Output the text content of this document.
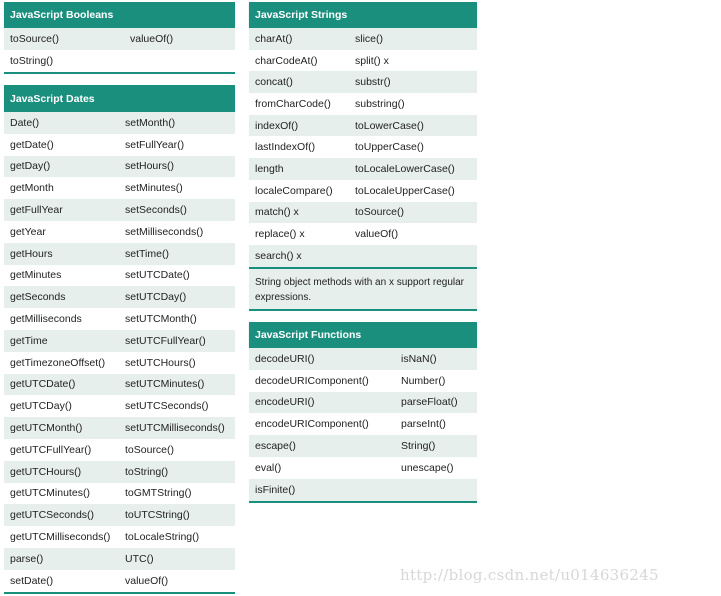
JavaScript Booleans
toSource()	valueOf()
toString()
JavaScript Dates
Date()	setMonth()
getDate()	setFullYear()
getDay()	setHours()
getMonth	setMinutes()
getFullYear	setSeconds()
getYear	setMilliseconds()
getHours	setTime()
getMinutes	setUTCDate()
getSeconds	setUTCDay()
getMilliseconds	setUTCMonth()
getTime	setUTCFullYear()
getTimezoneOffset()	setUTCHours()
getUTCDate()	setUTCMinutes()
getUTCDay()	setUTCSeconds()
getUTCMonth()	setUTCMilliseconds()
getUTCFullYear()	toSource()
getUTCHours()	toString()
getUTCMinutes()	toGMTString()
getUTCSeconds()	toUTCString()
getUTCMilliseconds()	toLocaleString()
parse()	UTC()
setDate()	valueOf()
JavaScript Strings
charAt()	slice()
charCodeAt()	split() x
concat()	substr()
fromCharCode()	substring()
indexOf()	toLowerCase()
lastIndexOf()	toUpperCase()
length	toLocaleLowerCase()
localeCompare()	toLocaleUpperCase()
match() x	toSource()
replace() x	valueOf()
search() x
String object methods with an x support regular expressions.
JavaScript Functions
decodeURI()	isNaN()
decodeURIComponent()	Number()
encodeURI()	parseFloat()
encodeURIComponent()	parseInt()
escape()	String()
eval()	unescape()
isFinite()
http://blog.csdn.net/u014636245
